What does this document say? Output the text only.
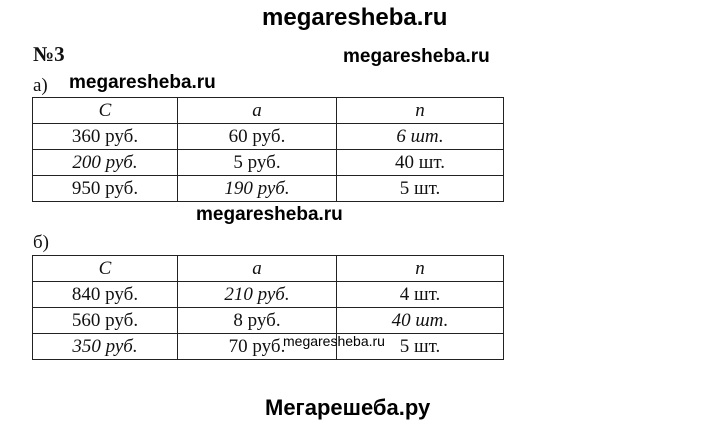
megaresheba.ru
№3	megaresheba.ru
а) megaresheba.ru
C	a	n
360 руб.	60 руб.	6 шт.
200 руб.	5 руб.	40 шт.
950 руб.	190 руб.	5 шт.
megaresheba.ru
б)
C	a	n
840 руб.	210 руб.	4 шт.
560 руб.	8 руб.	40 шт.
350 руб.	70 руб.	5 шт.
megaresheba.ru
Мегарешеба.ру
